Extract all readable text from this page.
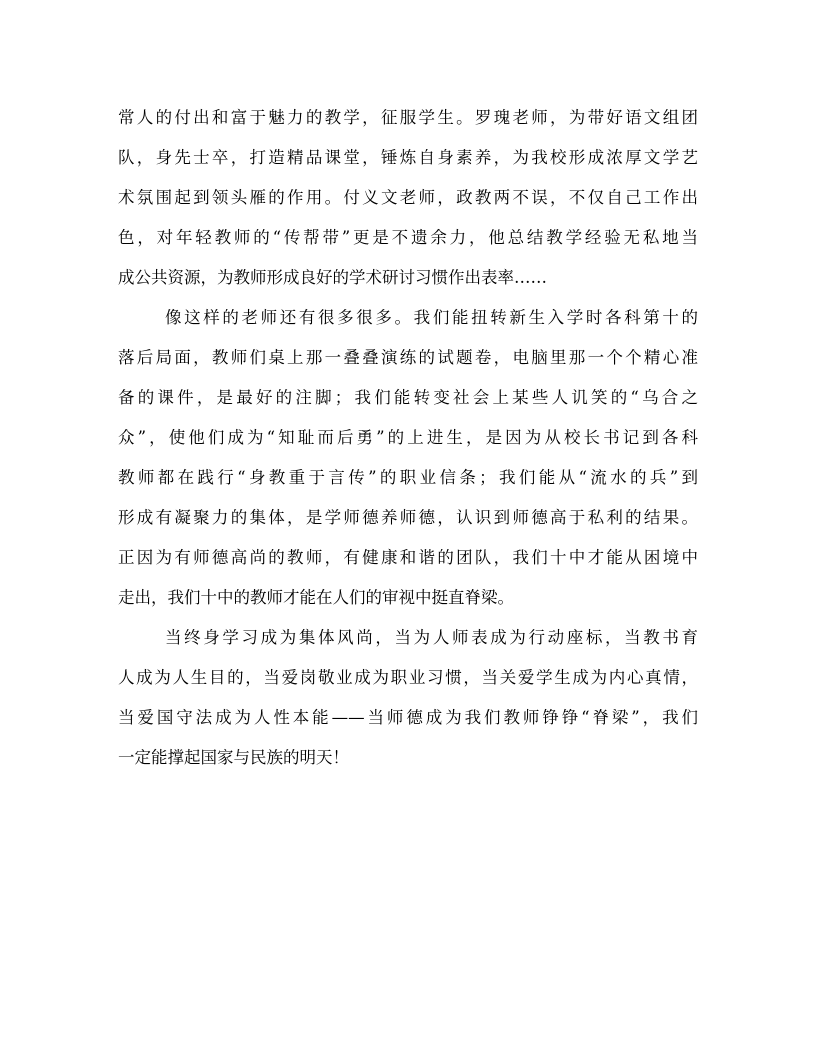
常人的付出和富于魅力的教学，征服学生。罗瑰老师，为带好语文组团
队，身先士卒，打造精品课堂，锤炼自身素养，为我校形成浓厚文学艺
术氛围起到领头雁的作用。付义文老师，政教两不误，不仅自己工作出
色，对年轻教师的“传帮带”更是不遗余力，他总结教学经验无私地当
成公共资源，为教师形成良好的学术研讨习惯作出表率……
像这样的老师还有很多很多。我们能扭转新生入学时各科第十的
落后局面，教师们桌上那一叠叠演练的试题卷，电脑里那一个个精心准
备的课件，是最好的注脚；我们能转变社会上某些人讥笑的“乌合之
众”，使他们成为“知耻而后勇”的上进生，是因为从校长书记到各科
教师都在践行“身教重于言传”的职业信条；我们能从“流水的兵”到
形成有凝聚力的集体，是学师德养师德，认识到师德高于私利的结果。
正因为有师德高尚的教师，有健康和谐的团队，我们十中才能从困境中
走出，我们十中的教师才能在人们的审视中挺直脊梁。
当终身学习成为集体风尚，当为人师表成为行动座标，当教书育
人成为人生目的，当爱岗敬业成为职业习惯，当关爱学生成为内心真情，
当爱国守法成为人性本能——当师德成为我们教师铮铮“脊梁”，我们
一定能撑起国家与民族的明天！
